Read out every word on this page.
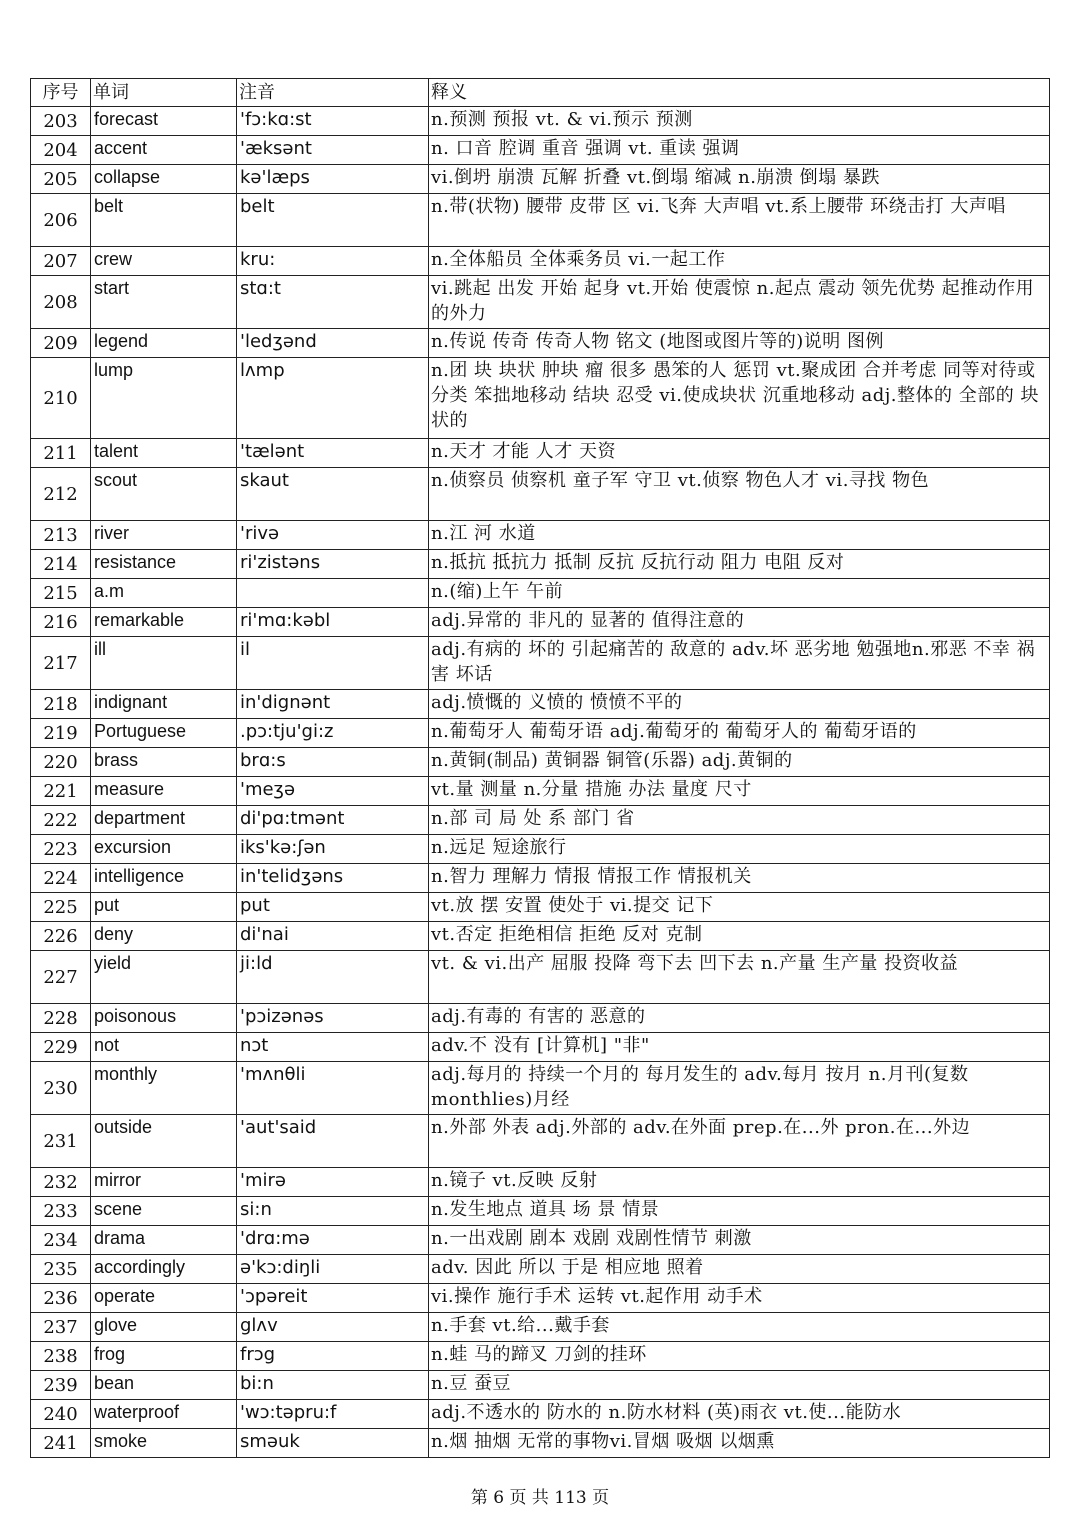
序号	单词	注音	释义
203	forecast	'fɔ:kɑ:st	n.预测 预报 vt. & vi.预示 预测
204	accent	'æksənt	n. 口音 腔调 重音 强调 vt. 重读 强调
205	collapse	kə'læps	vi.倒坍 崩溃 瓦解 折叠 vt.倒塌 缩减 n.崩溃 倒塌 暴跌
206	belt	belt	n.带(状物) 腰带 皮带 区 vi.飞奔 大声唱 vt.系上腰带 环绕击打 大声唱
207	crew	kru:	n.全体船员 全体乘务员 vi.一起工作
208	start	stɑ:t	vi.跳起 出发 开始 起身 vt.开始 使震惊 n.起点 震动 领先优势 起推动作用的外力
209	legend	'ledʒənd	n.传说 传奇 传奇人物 铭文 (地图或图片等的)说明 图例
210	lump	lʌmp	n.团 块 块状 肿块 瘤 很多 愚笨的人 惩罚 vt.聚成团 合并考虑 同等对待或分类 笨拙地移动 结块 忍受 vi.使成块状 沉重地移动 adj.整体的 全部的 块状的
211	talent	'tælənt	n.天才 才能 人才 天资
212	scout	skaut	n.侦察员 侦察机 童子军 守卫 vt.侦察 物色人才 vi.寻找 物色
213	river	'rivə	n.江 河 水道
214	resistance	ri'zistəns	n.抵抗 抵抗力 抵制 反抗 反抗行动 阻力 电阻 反对
215	a.m		n.(缩)上午 午前
216	remarkable	ri'mɑ:kəbl	adj.异常的 非凡的 显著的 值得注意的
217	ill	il	adj.有病的 坏的 引起痛苦的 敌意的 adv.坏 恶劣地 勉强地n.邪恶 不幸 祸害 坏话
218	indignant	in'dignənt	adj.愤慨的 义愤的 愤愤不平的
219	Portuguese	.pɔ:tju'gi:z	n.葡萄牙人 葡萄牙语 adj.葡萄牙的 葡萄牙人的 葡萄牙语的
220	brass	brɑ:s	n.黄铜(制品) 黄铜器 铜管(乐器) adj.黄铜的
221	measure	'meʒə	vt.量 测量 n.分量 措施 办法 量度 尺寸
222	department	di'pɑ:tmənt	n.部 司 局 处 系 部门 省
223	excursion	iks'kə:ʃən	n.远足 短途旅行
224	intelligence	in'telidʒəns	n.智力 理解力 情报 情报工作 情报机关
225	put	put	vt.放 摆 安置 使处于 vi.提交 记下
226	deny	di'nai	vt.否定 拒绝相信 拒绝 反对 克制
227	yield	ji:ld	vt. & vi.出产 屈服 投降 弯下去 凹下去 n.产量 生产量 投资收益
228	poisonous	'pɔizənəs	adj.有毒的 有害的 恶意的
229	not	nɔt	adv.不 没有 [计算机] "非"
230	monthly	'mʌnθli	adj.每月的 持续一个月的 每月发生的 adv.每月 按月 n.月刊(复数monthlies)月经
231	outside	'aut'said	n.外部 外表 adj.外部的 adv.在外面 prep.在...外 pron.在...外边
232	mirror	'mirə	n.镜子 vt.反映 反射
233	scene	si:n	n.发生地点 道具 场 景 情景
234	drama	'drɑ:mə	n.一出戏剧 剧本 戏剧 戏剧性情节 刺激
235	accordingly	ə'kɔ:diŋli	adv. 因此 所以 于是 相应地 照着
236	operate	'ɔpəreit	vi.操作 施行手术 运转 vt.起作用 动手术
237	glove	glʌv	n.手套 vt.给...戴手套
238	frog	frɔg	n.蛙 马的蹄叉 刀剑的挂环
239	bean	bi:n	n.豆 蚕豆
240	waterproof	'wɔ:təpru:f	adj.不透水的 防水的 n.防水材料 (英)雨衣 vt.使...能防水
241	smoke	sməuk	n.烟 抽烟 无常的事物vi.冒烟 吸烟 以烟熏
第 6 页 共 113 页
